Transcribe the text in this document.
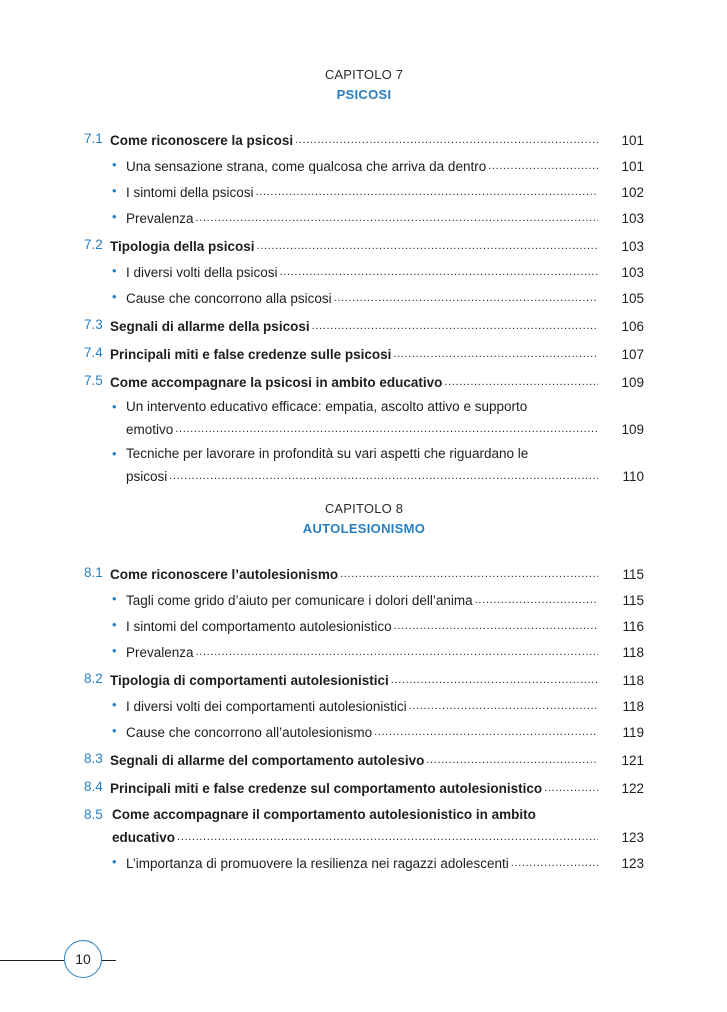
CAPITOLO 7
PSICOSI
7.1 Come riconoscere la psicosi . . .	101
• Una sensazione strana, come qualcosa che arriva da dentro . . .	101
• I sintomi della psicosi . . .	102
• Prevalenza . . .	103
7.2 Tipologia della psicosi . . .	103
• I diversi volti della psicosi . . .	103
• Cause che concorrono alla psicosi . . .	105
7.3 Segnali di allarme della psicosi . . .	106
7.4 Principali miti e false credenze sulle psicosi . . .	107
7.5 Come accompagnare la psicosi in ambito educativo . . .	109
• Un intervento educativo efficace: empatia, ascolto attivo e supporto
emotivo . . .	109
• Tecniche per lavorare in profondità su vari aspetti che riguardano le
psicosi . . .	110
CAPITOLO 8
AUTOLESIONISMO
8.1 Come riconoscere l’autolesionismo . . .	115
• Tagli come grido d’aiuto per comunicare i dolori dell’anima . . .	115
• I sintomi del comportamento autolesionistico . . .	116
• Prevalenza . . .	118
8.2 Tipologia di comportamenti autolesionistici . . .	118
• I diversi volti dei comportamenti autolesionistici . . .	118
• Cause che concorrono all’autolesionismo . . .	119
8.3 Segnali di allarme del comportamento autolesivo . . .	121
8.4 Principali miti e false credenze sul comportamento autolesionistico . . .	122
8.5 Come accompagnare il comportamento autolesionistico in ambito
educativo . . .	123
• L’importanza di promuovere la resilienza nei ragazzi adolescenti . . .	123
10
